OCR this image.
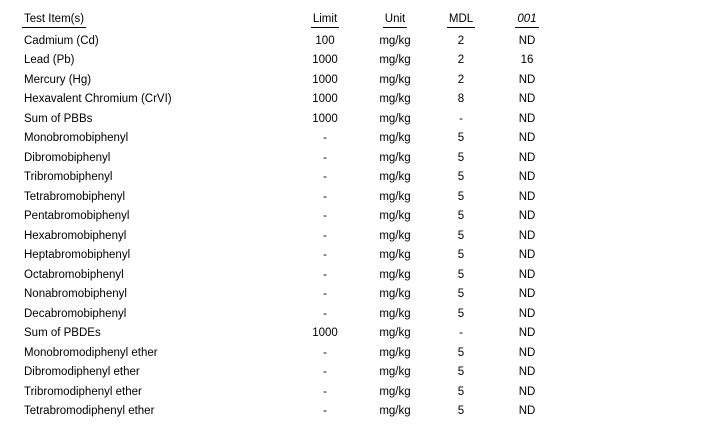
Test Item(s)	Limit	Unit	MDL	001
Cadmium (Cd)	100	mg/kg	2	ND
Lead (Pb)	1000	mg/kg	2	16
Mercury (Hg)	1000	mg/kg	2	ND
Hexavalent Chromium (CrVI)	1000	mg/kg	8	ND
Sum of PBBs	1000	mg/kg	-	ND
Monobromobiphenyl	-	mg/kg	5	ND
Dibromobiphenyl	-	mg/kg	5	ND
Tribromobiphenyl	-	mg/kg	5	ND
Tetrabromobiphenyl	-	mg/kg	5	ND
Pentabromobiphenyl	-	mg/kg	5	ND
Hexabromobiphenyl	-	mg/kg	5	ND
Heptabromobiphenyl	-	mg/kg	5	ND
Octabromobiphenyl	-	mg/kg	5	ND
Nonabromobiphenyl	-	mg/kg	5	ND
Decabromobiphenyl	-	mg/kg	5	ND
Sum of PBDEs	1000	mg/kg	-	ND
Monobromodiphenyl ether	-	mg/kg	5	ND
Dibromodiphenyl ether	-	mg/kg	5	ND
Tribromodiphenyl ether	-	mg/kg	5	ND
Tetrabromodiphenyl ether	-	mg/kg	5	ND
